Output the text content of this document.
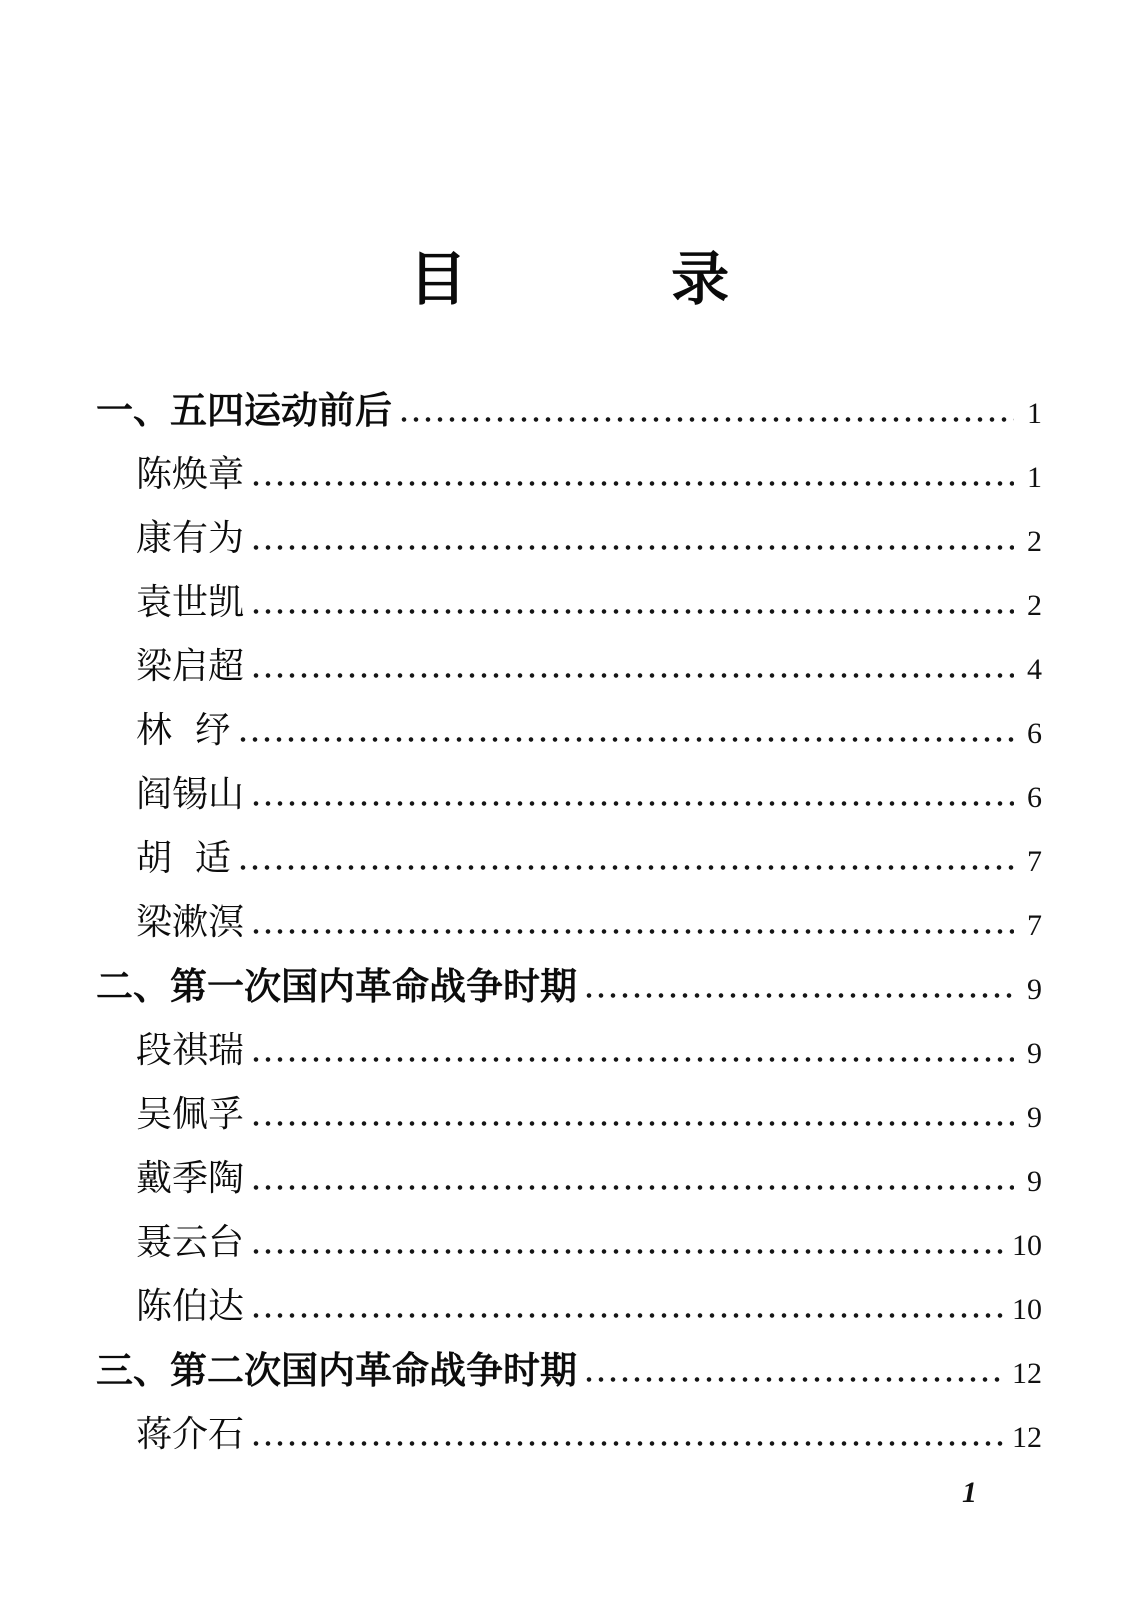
目 录
一、五四运动前后	1
陈焕章	1
康有为	2
袁世凯	2
梁启超	4
林  纾	6
阎锡山	6
胡  适	7
梁漱溟	7
二、第一次国内革命战争时期	9
段祺瑞	9
吴佩孚	9
戴季陶	9
聂云台	10
陈伯达	10
三、第二次国内革命战争时期	12
蒋介石	12
1
